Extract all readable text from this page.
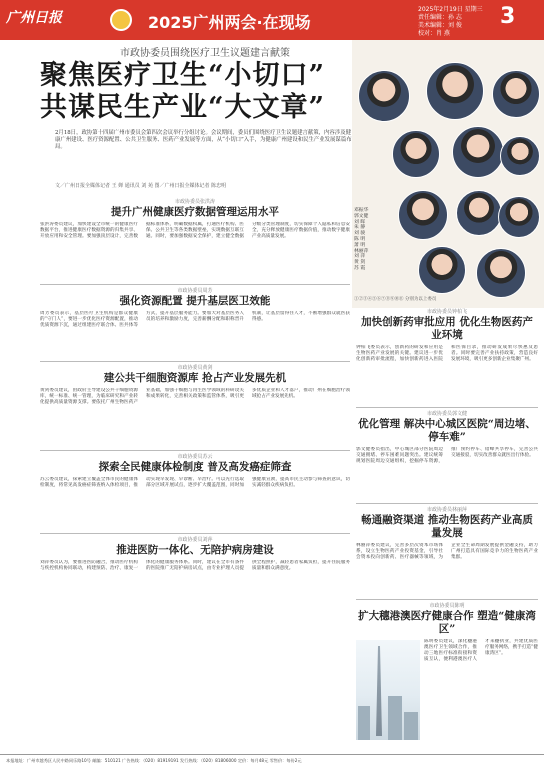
广州日报	2025广州两会·在现场
2025年2月19日 星期三
责任编辑：孙 志
美术编辑：刘 俊
校对：肖 燕
3
市政协委员围绕医疗卫生议题建言献策
聚焦医疗卫生“小切口”
共谋民生产业“大文章”
2月18日，政协第十四届广州市委员会第四次会议举行分组讨论。会议期间，委员们围绕医疗卫生议题建言献策，内容涉及健康广州建设、医疗资源配置、公共卫生服务、医药产业发展等方面，从“小切口”入手，为健康广州建设和民生产业发展谋篇布局。
文／广州日报全媒体记者 王 婵 通讯员 刘 苑 图／广州日报全媒体记者 陈忠明
邓振华
郭文健
刘 晖
朱 静
刘 骏
陈 明
萧 明
林丽萍
刘 萍
黄 剑
苏 霞
①②③④⑤⑥⑦⑧⑨⑩⑪ 分别为以上委员
市政协委员张洪涛
提升广州健康医疗数据管理运用水平
张洪涛委员建议，加快建设全市统一的健康医疗数据平台，推进健康医疗数据资源的归集共享、开放应用和安全管理。要加强顶层设计，完善数据标准体系，明确数据权属，打通医疗机构、医保、公共卫生等各类数据壁垒，实现数据互联互通。同时，要加强数据安全保护，建立健全数据分级分类管理制度，切实保障个人隐私和信息安全，充分释放健康医疗数据价值，推动数字健康产业高质量发展。
市政协委员周芳
强化资源配置 提升基层医卫效能
周芳委员表示，基层医疗卫生机构是群众健康的“守门人”，要进一步优化医疗资源配置，推动优质资源下沉，通过组建医疗联合体、医共体等方式，提升基层服务能力。要加大对基层医务人员的培养和激励力度，完善薪酬分配和职称晋升机制，让基层留得住人才，不断增强群众就医获得感。
市政协委员黄剑
建公共干细胞资源库 抢占产业发展先机
黄剑委员建议，由政府主导建设公共干细胞资源库，统一标准、统一管理，为临床研究和产业转化提供高质量资源支撑。要依托广州生物医药产业基础，加强干细胞与再生医学领域的科研攻关和成果转化，完善相关政策和监管体系，吸引更多优质企业和人才落户，推动广州在细胞治疗领域抢占产业发展先机。
市政协委员苏云
探索全民健康体检制度 普及高发癌症筛查
苏云委员建议，探索建立覆盖全体市民的健康体检制度，将常见高发癌症筛查纳入体检项目，推动实现早发现、早诊断、早治疗。可以先行选取部分区域开展试点，逐步扩大覆盖范围，同时加强健康宣教，提高市民主动参与筛查的意识，切实减轻群众疾病负担。
市政协委员刘萍
推进医防一体化、无陪护病房建设
刘萍委员认为，要推进医防融合，推动医疗机构与疾控机构协同联动，构建预防、治疗、康复一体化的健康服务体系。同时，建议在全市有条件的医院推广无陪护病房试点，由专业护理人员提供全程照护，减轻患者家属负担，提升住院服务质量和群众满意度。
市政协委员钟柏飞
加快创新药审批应用 优化生物医药产业环境
钟柏飞委员表示，创新药的研发和应用是生物医药产业发展的关键。建议进一步优化创新药审批流程，加快创新药进入医院和医保目录，推动研发成果尽快惠及患者。同时要完善产业扶持政策，营造良好发展环境，吸引更多创新企业集聚广州。
市政协委员郭文健
优化管理 解决中心城区医院“周边堵、停车难”
郭文健委员指出，中心城区部分医院周边交通拥堵、停车困难问题突出。建议统筹规划医院周边交通组织，挖掘停车资源，推广预约停车、错峰共享停车，完善公共交通接驳，切实改善群众就医出行体验。
市政协委员林丽萍
畅通融资渠道 推动生物医药产业高质量发展
林丽萍委员建议，完善多层次资本市场体系，设立生物医药产业投资基金，引导社会资本投向创新药、医疗器械等领域，为企业全生命周期发展提供金融支持，助力广州打造具有国际竞争力的生物医药产业集群。
市政协委员陈明
扩大穗港澳医疗健康合作 塑造“健康湾区”
陈明委员建议，深化穗港澳医疗卫生领域合作，推动三地医疗标准衔接和资质互认，便利港澳医疗人才来穗执业，共建优质医疗服务网络，携手打造“健康湾区”。
本报地址：广州市越秀区人民中路同乐路10号 邮编：510121 广告热线：（020）81919191 发行热线：（020）81806000 定价：每月48元 零售价：每份2元
